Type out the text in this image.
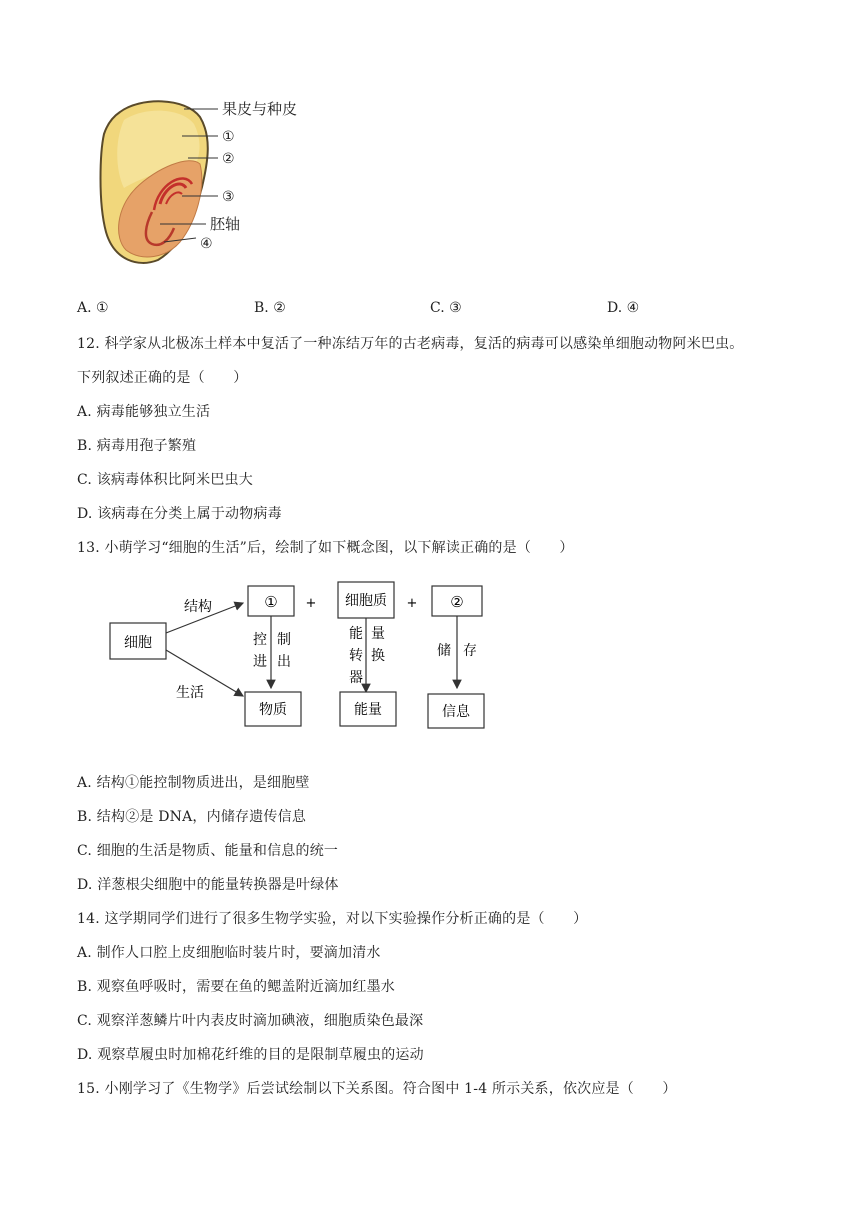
果皮与种皮
①
②
③
胚轴
④
A. ①	B. ②	C. ③	D. ④
12. 科学家从北极冻土样本中复活了一种冻结万年的古老病毒，复活的病毒可以感染单细胞动物阿米巴虫。
下列叙述正确的是（　　）
A. 病毒能够独立生活
B. 病毒用孢子繁殖
C. 该病毒体积比阿米巴虫大
D. 该病毒在分类上属于动物病毒
13. 小萌学习“细胞的生活”后，绘制了如下概念图，以下解读正确的是（　　）
细胞
结构
生活
① + 细胞质 + ②
控 制
进 出
能 量
转 换
器
储 存
物质	能量	信息
A. 结构①能控制物质进出，是细胞壁
B. 结构②是 DNA，内储存遗传信息
C. 细胞的生活是物质、能量和信息的统一
D. 洋葱根尖细胞中的能量转换器是叶绿体
14. 这学期同学们进行了很多生物学实验，对以下实验操作分析正确的是（　　）
A. 制作人口腔上皮细胞临时装片时，要滴加清水
B. 观察鱼呼吸时，需要在鱼的鳃盖附近滴加红墨水
C. 观察洋葱鳞片叶内表皮时滴加碘液，细胞质染色最深
D. 观察草履虫时加棉花纤维的目的是限制草履虫的运动
15. 小刚学习了《生物学》后尝试绘制以下关系图。符合图中 1-4 所示关系，依次应是（　　）
